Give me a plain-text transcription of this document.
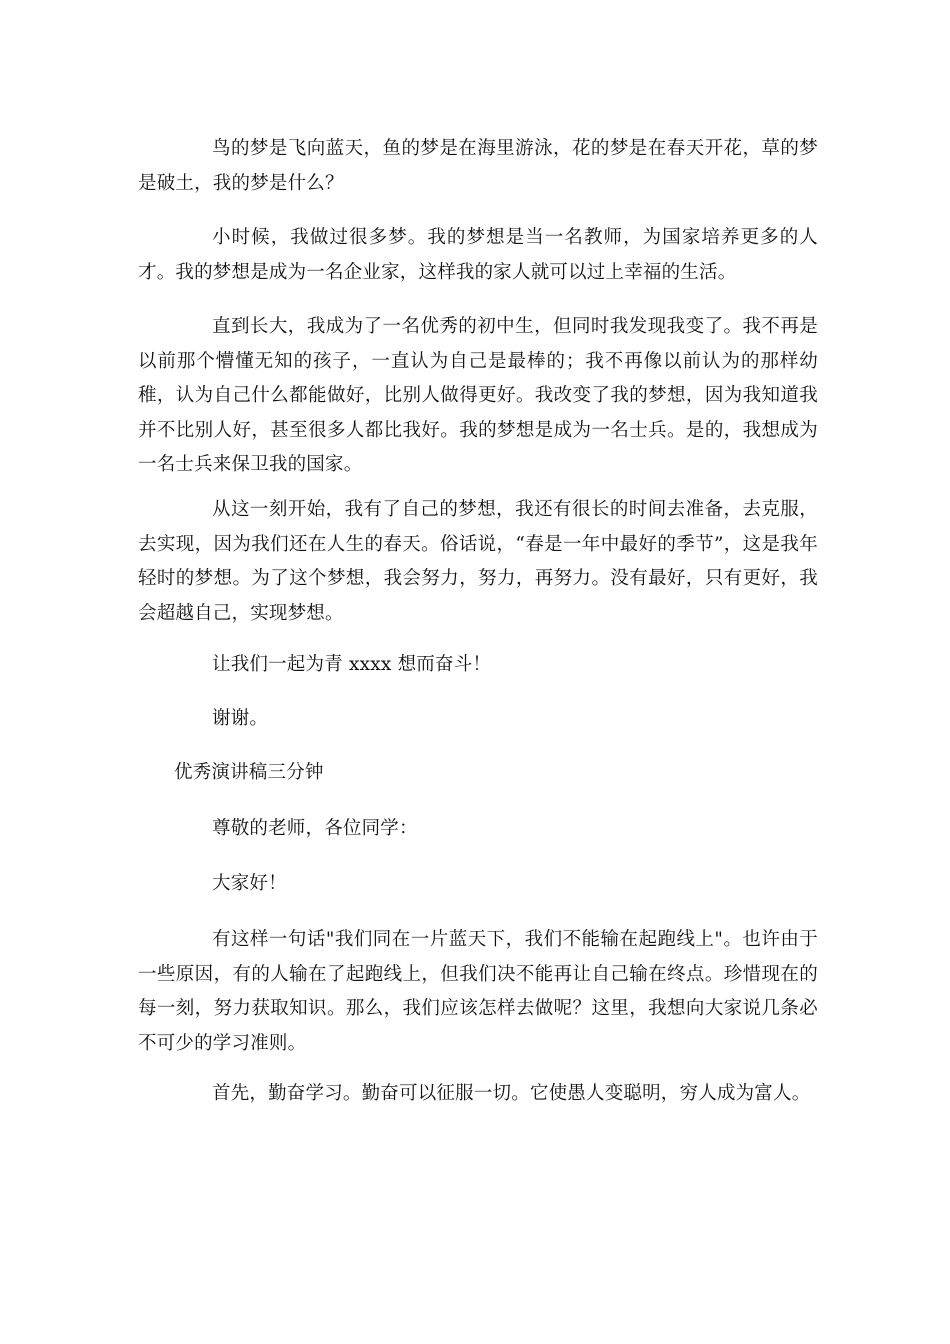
鸟的梦是飞向蓝天，鱼的梦是在海里游泳，花的梦是在春天开花，草的梦是破土，我的梦是什么？

小时候，我做过很多梦。我的梦想是当一名教师，为国家培养更多的人才。我的梦想是成为一名企业家，这样我的家人就可以过上幸福的生活。

直到长大，我成为了一名优秀的初中生，但同时我发现我变了。我不再是以前那个懵懂无知的孩子，一直认为自己是最棒的；我不再像以前认为的那样幼稚，认为自己什么都能做好，比别人做得更好。我改变了我的梦想，因为我知道我并不比别人好，甚至很多人都比我好。我的梦想是成为一名士兵。是的，我想成为一名士兵来保卫我的国家。

从这一刻开始，我有了自己的梦想，我还有很长的时间去准备，去克服，去实现，因为我们还在人生的春天。俗话说，“春是一年中最好的季节”，这是我年轻时的梦想。为了这个梦想，我会努力，努力，再努力。没有最好，只有更好，我会超越自己，实现梦想。

让我们一起为青 xxxx 想而奋斗！

谢谢。

优秀演讲稿三分钟

尊敬的老师，各位同学：

大家好！

有这样一句话"我们同在一片蓝天下，我们不能输在起跑线上"。也许由于一些原因，有的人输在了起跑线上，但我们决不能再让自己输在终点。珍惜现在的每一刻，努力获取知识。那么，我们应该怎样去做呢？这里，我想向大家说几条必不可少的学习准则。

首先，勤奋学习。勤奋可以征服一切。它使愚人变聪明，穷人成为富人。
